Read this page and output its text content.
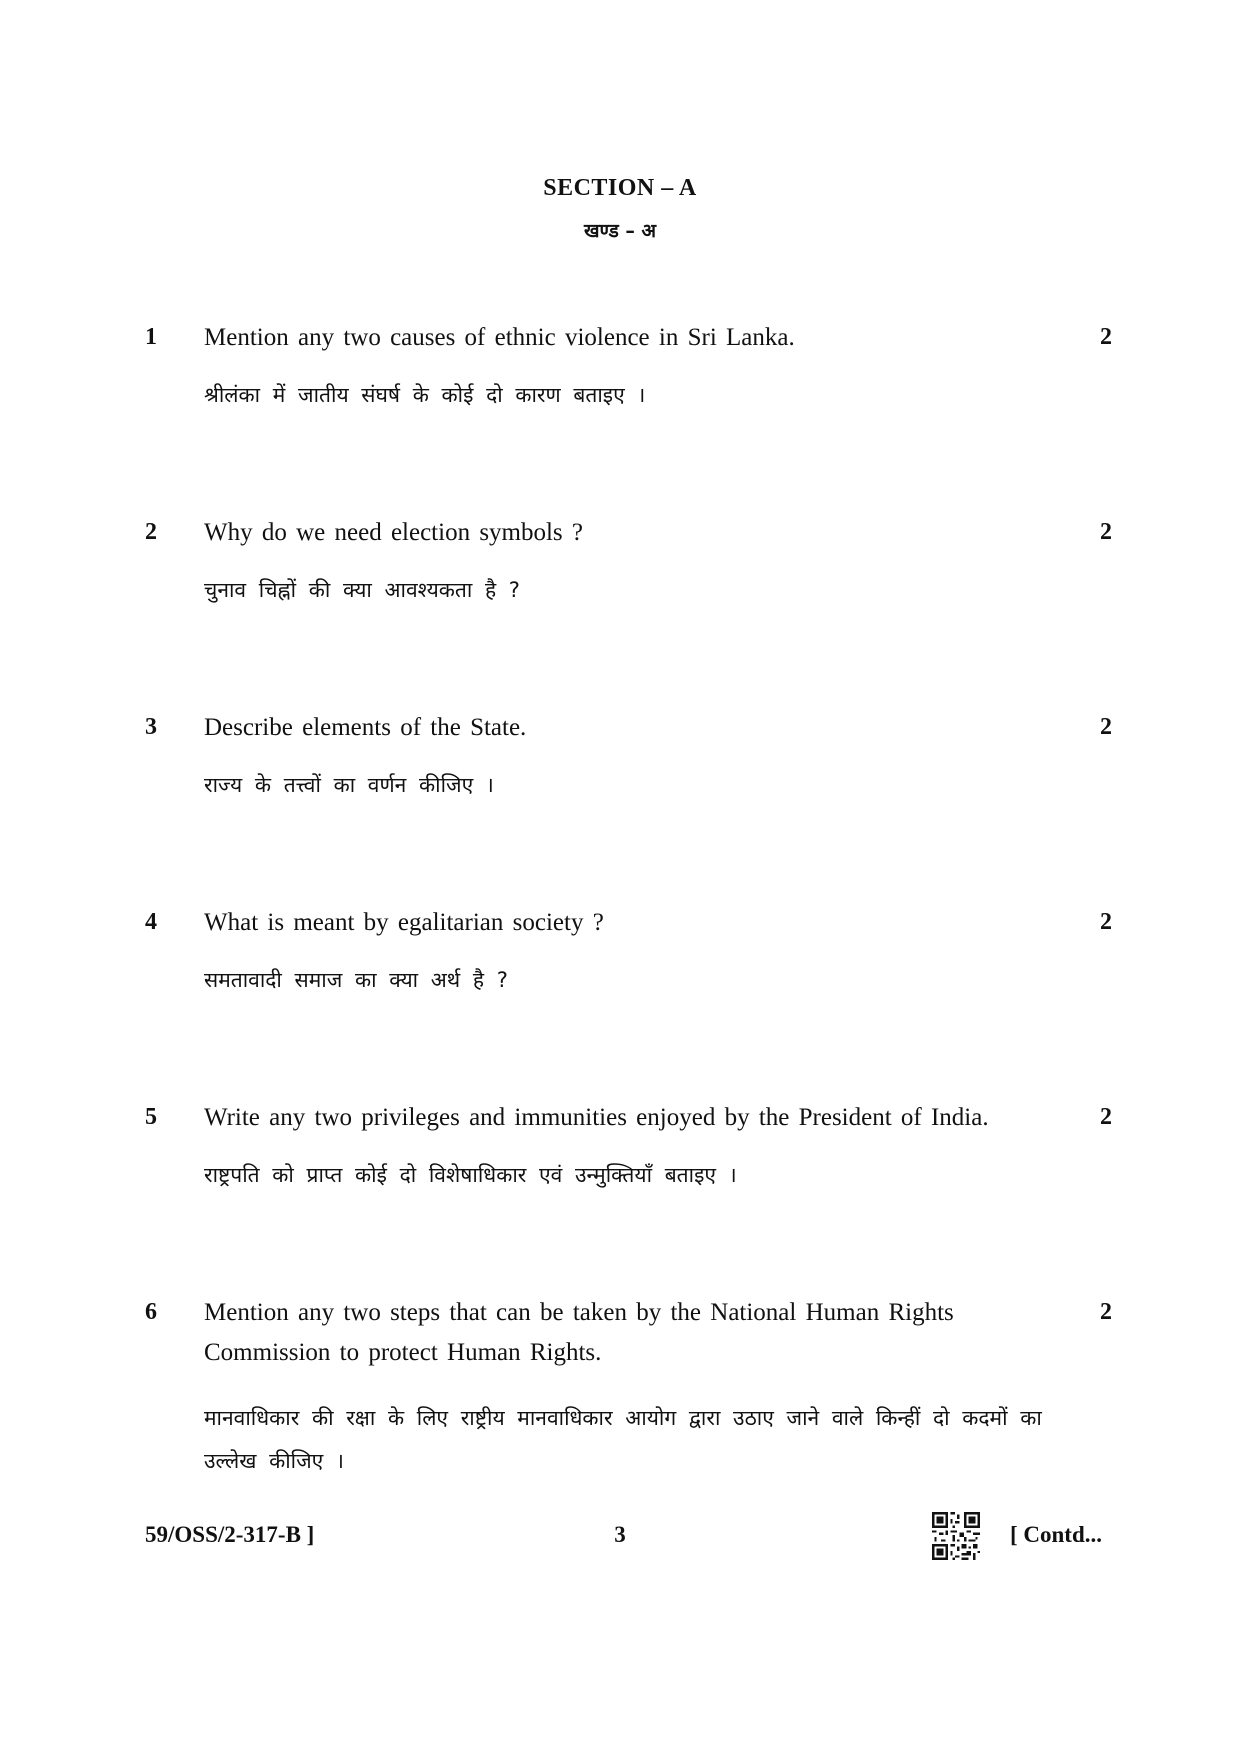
SECTION – A
खण्ड – अ
1 Mention any two causes of ethnic violence in Sri Lanka.	2
श्रीलंका में जातीय संघर्ष के कोई दो कारण बताइए ।
2 Why do we need election symbols ?	2
चुनाव चिह्नों की क्या आवश्यकता है ?
3 Describe elements of the State.	2
राज्य के तत्त्वों का वर्णन कीजिए ।
4 What is meant by egalitarian society ?	2
समतावादी समाज का क्या अर्थ है ?
5 Write any two privileges and immunities enjoyed by the President of India.	2
राष्ट्रपति को प्राप्त कोई दो विशेषाधिकार एवं उन्मुक्तियाँ बताइए ।
6 Mention any two steps that can be taken by the National Human Rights Commission to protect Human Rights.
2
मानवाधिकार की रक्षा के लिए राष्ट्रीय मानवाधिकार आयोग द्वारा उठाए जाने वाले किन्हीं दो कदमों का उल्लेख कीजिए ।
59/OSS/2-317-B ]	3	[ Contd...
